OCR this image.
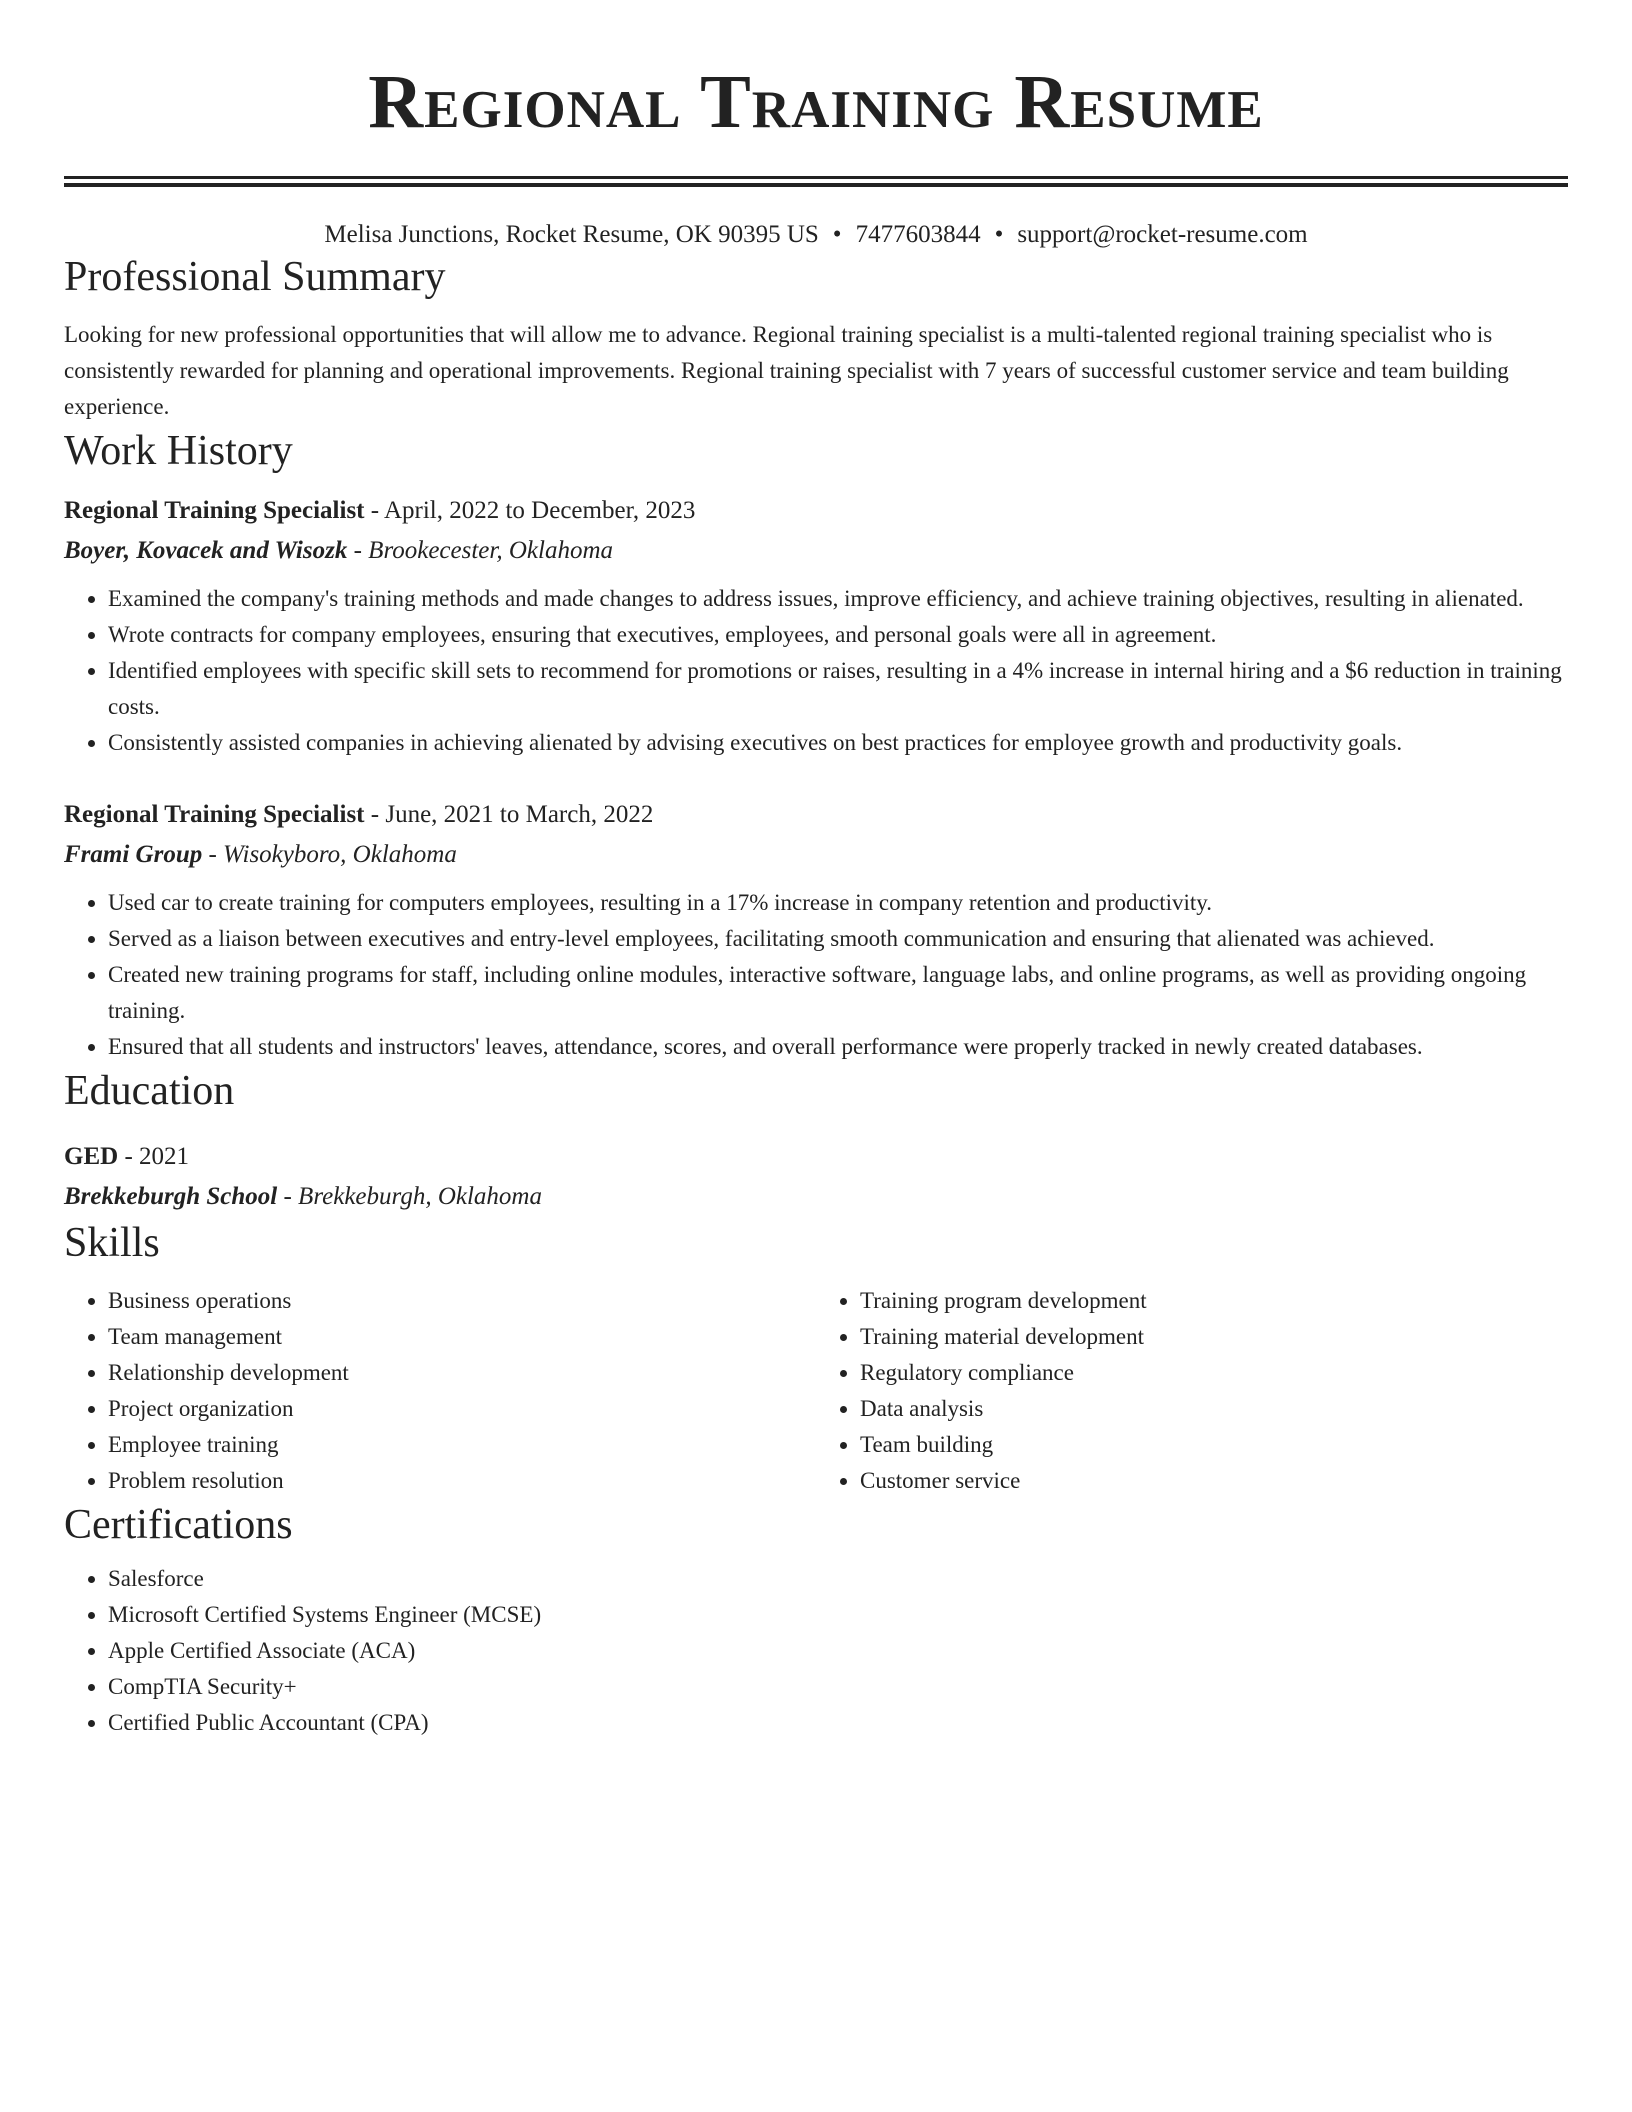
Regional Training Resume
Melisa Junctions, Rocket Resume, OK 90395 US • 7477603844 • support@rocket-resume.com
Professional Summary
Looking for new professional opportunities that will allow me to advance. Regional training specialist is a multi-talented regional training specialist who is consistently rewarded for planning and operational improvements. Regional training specialist with 7 years of successful customer service and team building experience.
Work History
Regional Training Specialist - April, 2022 to December, 2023
Boyer, Kovacek and Wisozk - Brookecester, Oklahoma
• Examined the company's training methods and made changes to address issues, improve efficiency, and achieve training objectives, resulting in alienated.
• Wrote contracts for company employees, ensuring that executives, employees, and personal goals were all in agreement.
• Identified employees with specific skill sets to recommend for promotions or raises, resulting in a 4% increase in internal hiring and a $6 reduction in training costs.
• Consistently assisted companies in achieving alienated by advising executives on best practices for employee growth and productivity goals.
Regional Training Specialist - June, 2021 to March, 2022
Frami Group - Wisokyboro, Oklahoma
• Used car to create training for computers employees, resulting in a 17% increase in company retention and productivity.
• Served as a liaison between executives and entry-level employees, facilitating smooth communication and ensuring that alienated was achieved.
• Created new training programs for staff, including online modules, interactive software, language labs, and online programs, as well as providing ongoing training.
• Ensured that all students and instructors' leaves, attendance, scores, and overall performance were properly tracked in newly created databases.
Education
GED - 2021
Brekkeburgh School - Brekkeburgh, Oklahoma
Skills
• Business operations
• Team management
• Relationship development
• Project organization
• Employee training
• Problem resolution
• Training program development
• Training material development
• Regulatory compliance
• Data analysis
• Team building
• Customer service
Certifications
• Salesforce
• Microsoft Certified Systems Engineer (MCSE)
• Apple Certified Associate (ACA)
• CompTIA Security+
• Certified Public Accountant (CPA)
